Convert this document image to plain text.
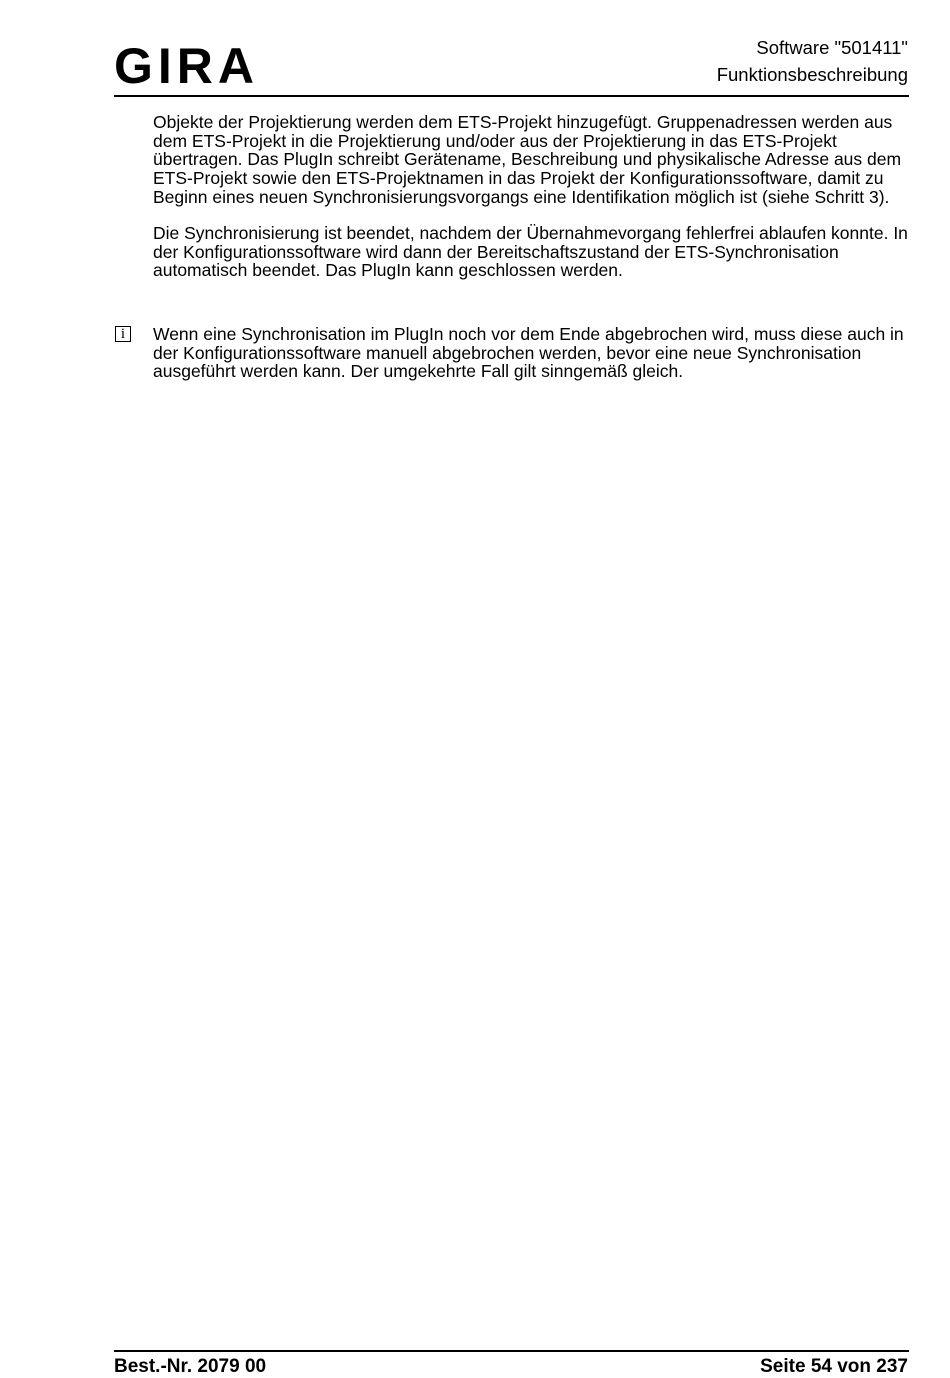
GIRA	Software "501411"
Funktionsbeschreibung
Objekte der Projektierung werden dem ETS-Projekt hinzugefügt. Gruppenadressen werden aus dem ETS-Projekt in die Projektierung und/oder aus der Projektierung in das ETS-Projekt übertragen. Das PlugIn schreibt Gerätename, Beschreibung und physikalische Adresse aus dem ETS-Projekt sowie den ETS-Projektnamen in das Projekt der Konfigurationssoftware, damit zu Beginn eines neuen Synchronisierungsvorgangs eine Identifikation möglich ist (siehe Schritt 3).
Die Synchronisierung ist beendet, nachdem der Übernahmevorgang fehlerfrei ablaufen konnte. In der Konfigurationssoftware wird dann der Bereitschaftszustand der ETS-Synchronisation automatisch beendet. Das PlugIn kann geschlossen werden.
i	Wenn eine Synchronisation im PlugIn noch vor dem Ende abgebrochen wird, muss diese auch in der Konfigurationssoftware manuell abgebrochen werden, bevor eine neue Synchronisation ausgeführt werden kann. Der umgekehrte Fall gilt sinngemäß gleich.
Best.-Nr. 2079 00	Seite 54 von 237
